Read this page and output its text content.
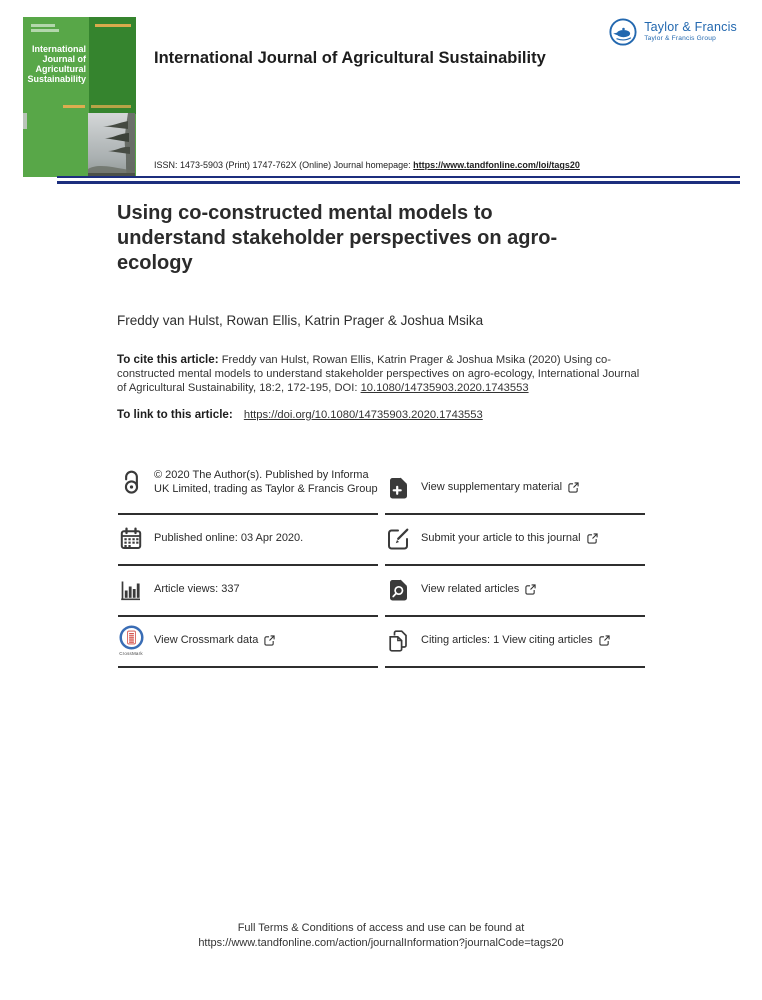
International
Journal of
Agricultural
Sustainability
Taylor & Francis
Taylor & Francis Group
International Journal of Agricultural Sustainability
ISSN: 1473-5903 (Print) 1747-762X (Online) Journal homepage: https://www.tandfonline.com/loi/tags20
Using co-constructed mental models to
understand stakeholder perspectives on agro-
ecology
Freddy van Hulst, Rowan Ellis, Katrin Prager & Joshua Msika
To cite this article: Freddy van Hulst, Rowan Ellis, Katrin Prager & Joshua Msika (2020) Using co-constructed mental models to understand stakeholder perspectives on agro-ecology, International Journal of Agricultural Sustainability, 18:2, 172-195, DOI: 10.1080/14735903.2020.1743553
To link to this article: https://doi.org/10.1080/14735903.2020.1743553
© 2020 The Author(s). Published by Informa UK Limited, trading as Taylor & Francis Group	View supplementary material
Published online: 03 Apr 2020.	Submit your article to this journal
Article views: 337	View related articles
CrossMark
View Crossmark data	Citing articles: 1 View citing articles
Full Terms & Conditions of access and use can be found at
https://www.tandfonline.com/action/journalInformation?journalCode=tags20
